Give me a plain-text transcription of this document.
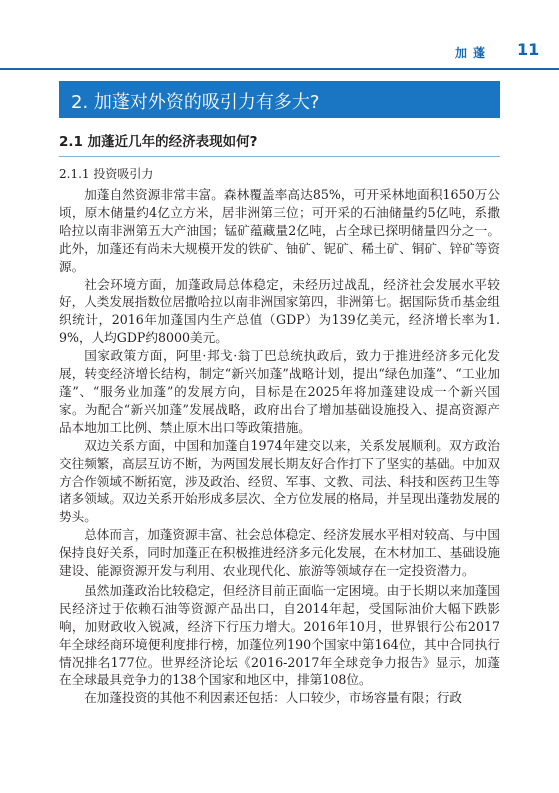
加蓬 11
2. 加蓬对外资的吸引力有多大?
2.1 加蓬近几年的经济表现如何?
2.1.1 投资吸引力

加蓬自然资源非常丰富。森林覆盖率高达85%，可开采林地面积1650万公顷，原木储量约4亿立方米，居非洲第三位；可开采的石油储量约5亿吨，系撒哈拉以南非洲第五大产油国；锰矿蕴藏量2亿吨，占全球已探明储量四分之一。此外，加蓬还有尚未大规模开发的铁矿、铀矿、铌矿、稀土矿、铜矿、锌矿等资源。

社会环境方面，加蓬政局总体稳定，未经历过战乱，经济社会发展水平较好，人类发展指数位居撒哈拉以南非洲国家第四，非洲第七。据国际货币基金组织统计，2016年加蓬国内生产总值（GDP）为139亿美元，经济增长率为1.9%，人均GDP约8000美元。

国家政策方面，阿里·邦戈·翁丁巴总统执政后，致力于推进经济多元化发展，转变经济增长结构，制定“新兴加蓬”战略计划，提出“绿色加蓬”、“工业加蓬”、“服务业加蓬”的发展方向，目标是在2025年将加蓬建设成一个新兴国家。为配合“新兴加蓬”发展战略，政府出台了增加基础设施投入、提高资源产品本地加工比例、禁止原木出口等政策措施。

双边关系方面，中国和加蓬自1974年建交以来，关系发展顺利。双方政治交往频繁，高层互访不断，为两国发展长期友好合作打下了坚实的基础。中加双方合作领域不断拓宽，涉及政治、经贸、军事、文教、司法、科技和医药卫生等诸多领域。双边关系开始形成多层次、全方位发展的格局，并呈现出蓬勃发展的势头。

总体而言，加蓬资源丰富、社会总体稳定、经济发展水平相对较高、与中国保持良好关系，同时加蓬正在积极推进经济多元化发展，在木材加工、基础设施建设、能源资源开发与利用、农业现代化、旅游等领域存在一定投资潜力。

虽然加蓬政治比较稳定，但经济目前正面临一定困境。由于长期以来加蓬国民经济过于依赖石油等资源产品出口，自2014年起，受国际油价大幅下跌影响，加财政收入锐减，经济下行压力增大。2016年10月，世界银行公布2017年全球经商环境便利度排行榜，加蓬位列190个国家中第164位，其中合同执行情况排名177位。世界经济论坛《2016-2017年全球竞争力报告》显示，加蓬在全球最具竞争力的138个国家和地区中，排第108位。

在加蓬投资的其他不利因素还包括：人口较少，市场容量有限；行政
